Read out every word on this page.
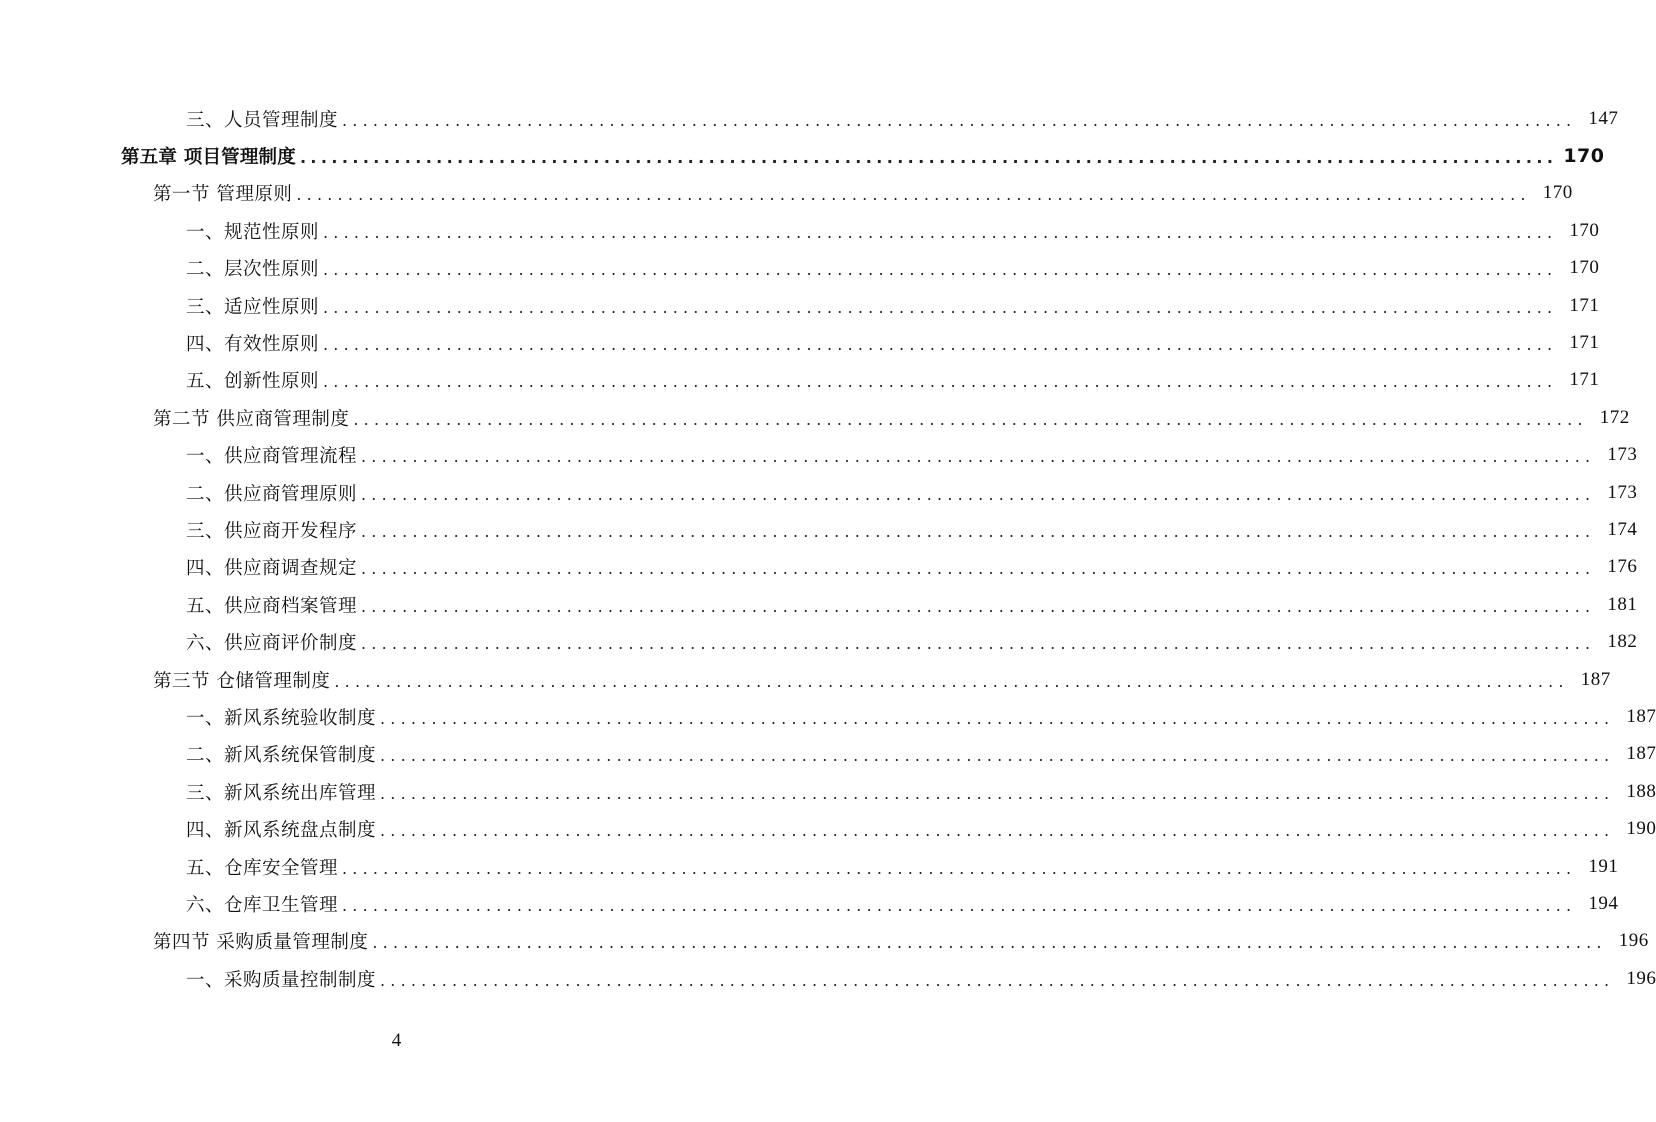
三、人员管理制度 ........................................................................................................................ 147
第五章 项目管理制度 ........................................................................................................................ 170
第一节 管理原则 ........................................................................................................................ 170
一、规范性原则 ........................................................................................................................ 170
二、层次性原则 ........................................................................................................................ 170
三、适应性原则 ........................................................................................................................ 171
四、有效性原则 ........................................................................................................................ 171
五、创新性原则 ........................................................................................................................ 171
第二节 供应商管理制度 ........................................................................................................................ 172
一、供应商管理流程 ........................................................................................................................ 173
二、供应商管理原则 ........................................................................................................................ 173
三、供应商开发程序 ........................................................................................................................ 174
四、供应商调查规定 ........................................................................................................................ 176
五、供应商档案管理 ........................................................................................................................ 181
六、供应商评价制度 ........................................................................................................................ 182
第三节 仓储管理制度 ........................................................................................................................ 187
一、新风系统验收制度 ........................................................................................................................ 187
二、新风系统保管制度 ........................................................................................................................ 187
三、新风系统出库管理 ........................................................................................................................ 188
四、新风系统盘点制度 ........................................................................................................................ 190
五、仓库安全管理 ........................................................................................................................ 191
六、仓库卫生管理 ........................................................................................................................ 194
第四节 采购质量管理制度 ........................................................................................................................ 196
一、采购质量控制制度 ........................................................................................................................ 196
4
